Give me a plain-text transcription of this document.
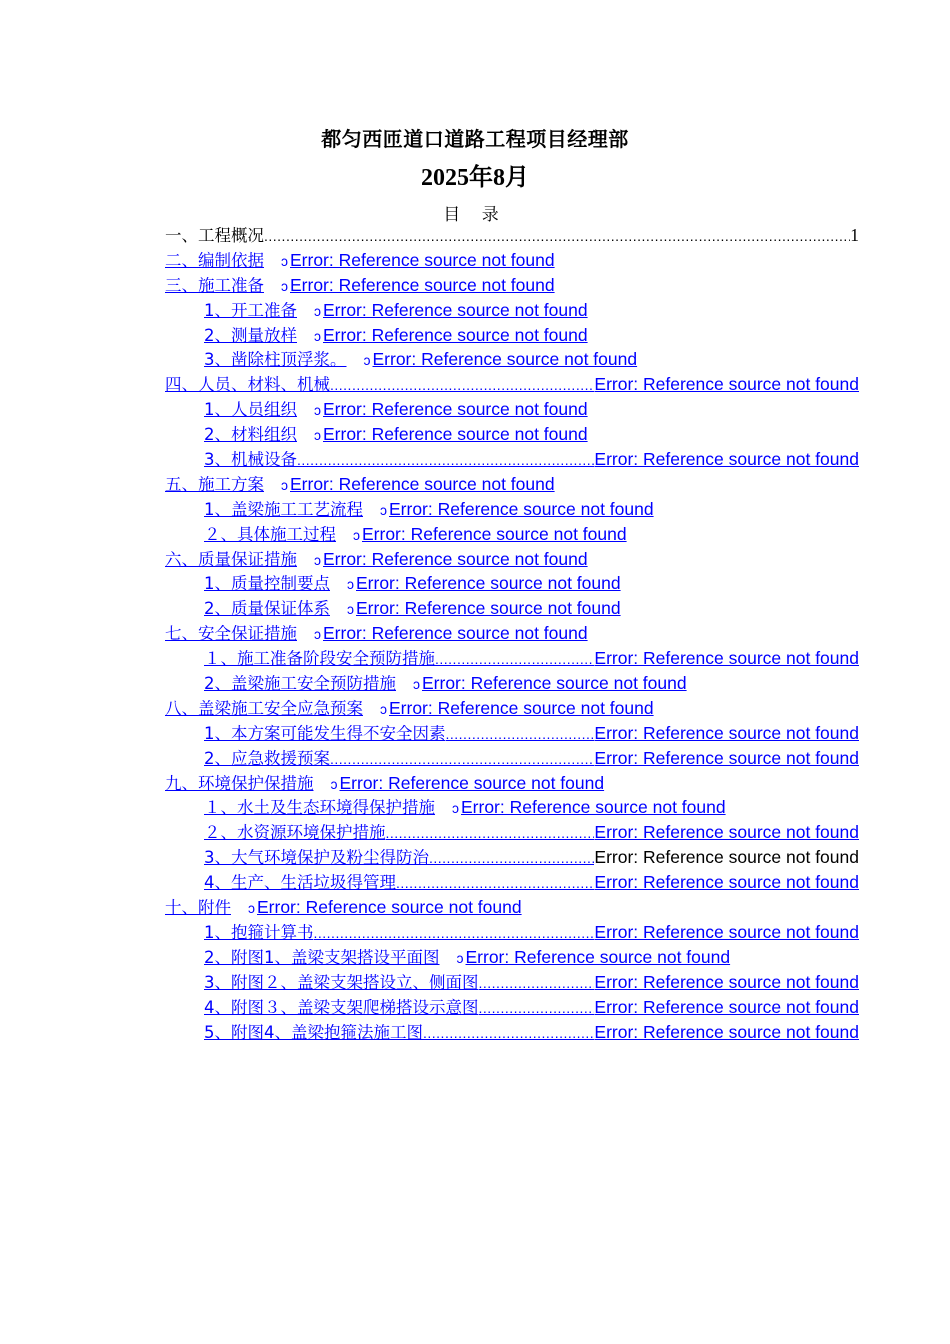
都匀西匝道口道路工程项目经理部
2025年8月
目 录
一、工程概况 .....	1
二、编制依据  ᴐ Error: Reference source not found
三、施工准备  ᴐ Error: Reference source not found
1、开工准备  ᴐ Error: Reference source not found
2、测量放样  ᴐ Error: Reference source not found
3、凿除柱顶浮浆。  ᴐ Error: Reference source not found
四、人员、材料、机械 .....	Error: Reference source not found
1、人员组织  ᴐ Error: Reference source not found
2、材料组织  ᴐ Error: Reference source not found
3、机械设备 .....	Error: Reference source not found
五、施工方案  ᴐ Error: Reference source not found
1、盖梁施工工艺流程  ᴐ Error: Reference source not found
２、具体施工过程  ᴐ Error: Reference source not found
六、质量保证措施  ᴐ Error: Reference source not found
1、质量控制要点  ᴐ Error: Reference source not found
2、质量保证体系  ᴐ Error: Reference source not found
七、安全保证措施  ᴐ Error: Reference source not found
１、施工准备阶段安全预防措施 .....	Error: Reference source not found
2、盖梁施工安全预防措施  ᴐ Error: Reference source not found
八、盖梁施工安全应急预案  ᴐ Error: Reference source not found
1、本方案可能发生得不安全因素 .....	Error: Reference source not found
2、应急救援预案 .....	Error: Reference source not found
九、环境保护保措施  ᴐ Error: Reference source not found
１、水土及生态环境得保护措施  ᴐ Error: Reference source not found
２、水资源环境保护措施 .....	Error: Reference source not found
3、大气环境保护及粉尘得防治 .....	Error: Reference source not found
4、生产、生活垃圾得管理 .....	Error: Reference source not found
十、附件  ᴐ Error: Reference source not found
1、抱箍计算书 .....	Error: Reference source not found
2、附图1、盖梁支架搭设平面图  ᴐ Error: Reference source not found
3、附图２、盖梁支架搭设立、侧面图 .....	Error: Reference source not found
4、附图３、盖梁支架爬梯搭设示意图 .....	Error: Reference source not found
5、附图4、盖梁抱箍法施工图 .....	Error: Reference source not found
